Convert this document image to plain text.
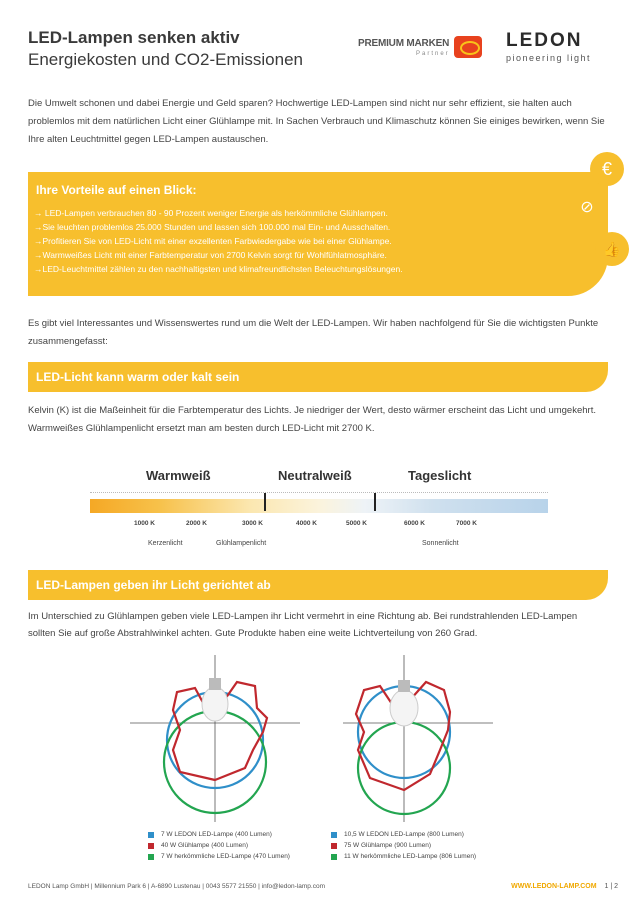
LED-Lampen senken aktiv
Energiekosten und CO2-Emissionen
PREMIUM MARKEN
Partner
LEDON
pioneering light
Die Umwelt schonen und dabei Energie und Geld sparen? Hochwertige LED-Lampen sind nicht nur sehr effizient, sie halten auch problemlos mit dem natürlichen Licht einer Glühlampe mit. In Sachen Verbrauch und Klimaschutz können Sie einiges bewirken, wenn Sie Ihre alten Leuchtmittel gegen LED-Lampen austauschen.
Ihre Vorteile auf einen Blick:
→ LED-Lampen verbrauchen 80 - 90 Prozent weniger Energie als herkömmliche Glühlampen.
→Sie leuchten problemlos 25.000 Stunden und lassen sich 100.000 mal Ein- und Ausschalten.
→Profitieren Sie von LED-Licht mit einer exzellenten Farbwiedergabe wie bei einer Glühlampe.
→Warmweißes Licht mit einer Farbtemperatur von 2700 Kelvin sorgt für Wohlfühlatmosphäre.
→LED-Leuchtmittel zählen zu den nachhaltigsten und klimafreundlichsten Beleuchtungslösungen.
€
⊘
👍
Es gibt viel Interessantes und Wissenswertes rund um die Welt der LED-Lampen. Wir haben nachfolgend für Sie die wichtigsten Punkte zusammengefasst:
LED-Licht kann warm oder kalt sein
Kelvin (K) ist die Maßeinheit für die Farbtemperatur des Lichts. Je niedriger der Wert, desto wärmer erscheint das Licht und umgekehrt. Warmweißes Glühlampenlicht ersetzt man am besten durch LED-Licht mit 2700 K.
Warmweiß	Neutralweiß	Tageslicht
1000 K	2000 K	3000 K	4000 K	5000 K	6000 K	7000 K
Kerzenlicht	Glühlampenlicht	Sonnenlicht
LED-Lampen geben ihr Licht gerichtet ab
Im Unterschied zu Glühlampen geben viele LED-Lampen ihr Licht vermehrt in eine Richtung ab. Bei rundstrahlenden LED-Lampen sollten Sie auf große Abstrahlwinkel achten. Gute Produkte haben eine weite Lichtverteilung von 260 Grad.
7 W LEDON LED-Lampe (400 Lumen)
40 W Glühlampe (400 Lumen)
7 W herkömmliche LED-Lampe (470 Lumen)
10,5 W LEDON LED-Lampe (800 Lumen)
75 W Glühlampe (900 Lumen)
11 W herkömmliche LED-Lampe (806 Lumen)
LEDON Lamp GmbH | Millennium Park 6 | A-6890 Lustenau | 0043 5577 21550 | info@ledon-lamp.com	WWW.LEDON-LAMP.COM 1 | 2
